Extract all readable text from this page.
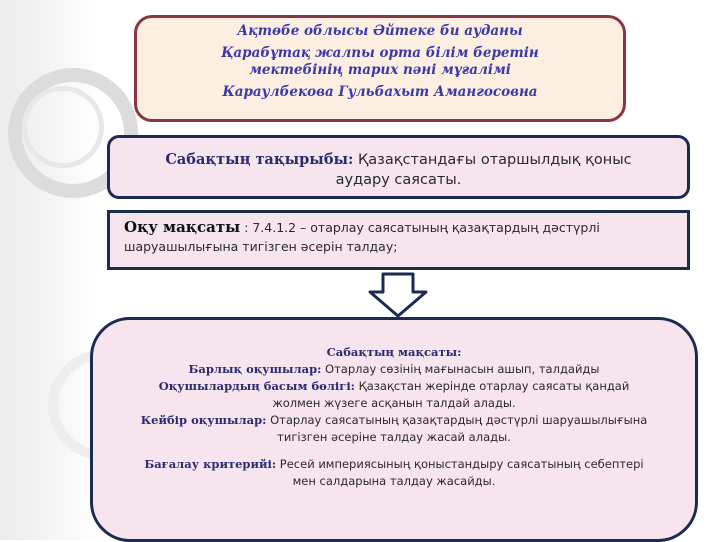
Ақтөбе облысы Әйтеке би ауданы

Қарабұтақ жалпы орта білім беретін мектебінің тарих пәні мұғалімі

Караулбекова Гульбахыт Амангосовна

Сабақтың тақырыбы: Қазақстандағы отаршылдық қоныс аудару саясаты.
Оқу мақсаты : 7.4.1.2 – отарлау саясатының қазақтардың дәстүрлі шаруашылығына тигізген әсерін талдау;

Сабақтың мақсаты:

Барлық оқушылар: Отарлау сөзінің мағынасын ашып, талдайды

Оқушылардың басым бөлігі: Қазақстан жерінде отарлау саясаты қандай жолмен жүзеге асқанын талдай алады.

Кейбір оқушылар: Отарлау саясатының қазақтардың дәстүрлі шаруашылығына тигізген әсеріне талдау жасай алады.

Бағалау критерийі: Ресей империясының қоныстандыру саясатының себептері мен салдарына талдау жасайды.
